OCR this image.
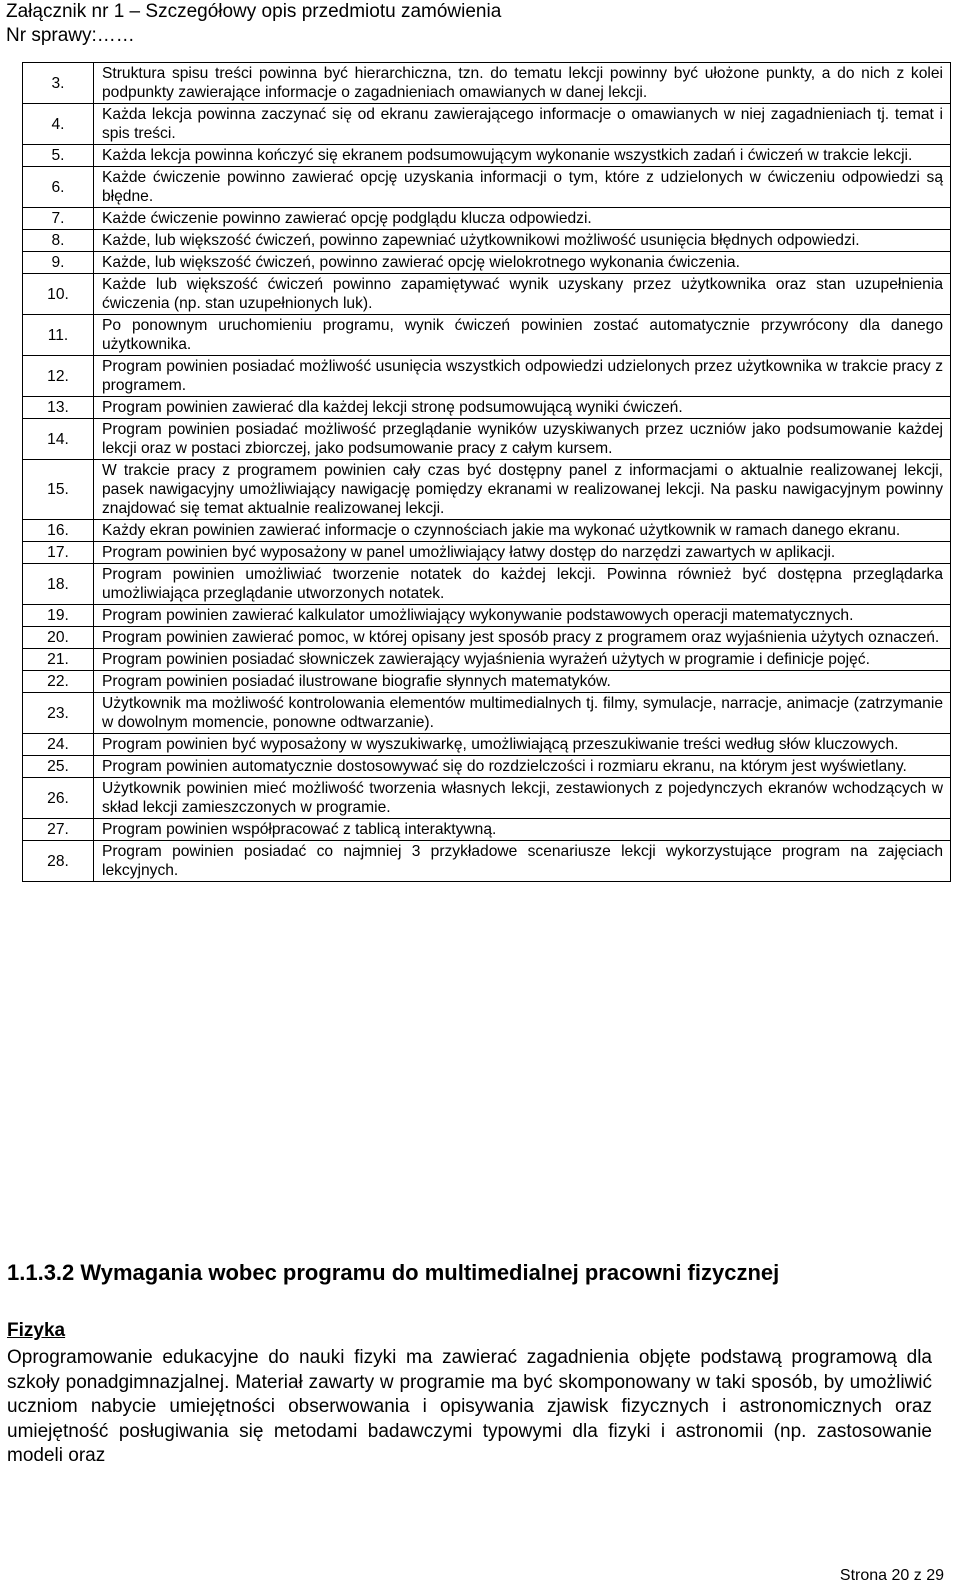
Załącznik nr 1 – Szczegółowy opis przedmiotu zamówienia
Nr sprawy:……
3.	Struktura spisu treści powinna być hierarchiczna, tzn. do tematu lekcji powinny być ułożone punkty, a do nich z kolei podpunkty zawierające informacje o zagadnieniach omawianych w danej lekcji.
4.	Każda lekcja powinna zaczynać się od ekranu zawierającego informacje o omawianych w niej zagadnieniach tj. temat i spis treści.
5.	Każda lekcja powinna kończyć się ekranem podsumowującym wykonanie wszystkich zadań i ćwiczeń w trakcie lekcji.
6.	Każde ćwiczenie powinno zawierać opcję uzyskania informacji o tym, które z udzielonych w ćwiczeniu odpowiedzi są błędne.
7.	Każde ćwiczenie powinno zawierać opcję podglądu klucza odpowiedzi.
8.	Każde, lub większość ćwiczeń, powinno zapewniać użytkownikowi możliwość usunięcia błędnych odpowiedzi.
9.	Każde, lub większość ćwiczeń, powinno zawierać opcję wielokrotnego wykonania ćwiczenia.
10.	Każde lub większość ćwiczeń powinno zapamiętywać wynik uzyskany przez użytkownika oraz stan uzupełnienia ćwiczenia (np. stan uzupełnionych luk).
11.	Po ponownym uruchomieniu programu, wynik ćwiczeń powinien zostać automatycznie przywrócony dla danego użytkownika.
12.	Program powinien posiadać możliwość usunięcia wszystkich odpowiedzi udzielonych przez użytkownika w trakcie pracy z programem.
13.	Program powinien zawierać dla każdej lekcji stronę podsumowującą wyniki ćwiczeń.
14.	Program powinien posiadać możliwość przeglądanie wyników uzyskiwanych przez uczniów jako podsumowanie każdej lekcji oraz w postaci zbiorczej, jako podsumowanie pracy z całym kursem.
15.	W trakcie pracy z programem powinien cały czas być dostępny panel z informacjami o aktualnie realizowanej lekcji, pasek nawigacyjny umożliwiający nawigację pomiędzy ekranami w realizowanej lekcji. Na pasku nawigacyjnym powinny znajdować się temat aktualnie realizowanej lekcji.
16.	Każdy ekran powinien zawierać informacje o czynnościach jakie ma wykonać użytkownik w ramach danego ekranu.
17.	Program powinien być wyposażony w panel umożliwiający łatwy dostęp do narzędzi zawartych w aplikacji.
18.	Program powinien umożliwiać tworzenie notatek do każdej lekcji. Powinna również być dostępna przeglądarka umożliwiająca przeglądanie utworzonych notatek.
19.	Program powinien zawierać kalkulator umożliwiający wykonywanie podstawowych operacji matematycznych.
20.	Program powinien zawierać pomoc, w której opisany jest sposób pracy z programem oraz wyjaśnienia użytych oznaczeń.
21.	Program powinien posiadać słowniczek zawierający wyjaśnienia wyrażeń użytych w programie i definicje pojęć.
22.	Program powinien posiadać ilustrowane biografie słynnych matematyków.
23.	Użytkownik ma możliwość kontrolowania elementów multimedialnych tj. filmy, symulacje, narracje, animacje (zatrzymanie w dowolnym momencie, ponowne odtwarzanie).
24.	Program powinien być wyposażony w wyszukiwarkę, umożliwiającą przeszukiwanie treści według słów kluczowych.
25.	Program powinien automatycznie dostosowywać się do rozdzielczości i rozmiaru ekranu, na którym jest wyświetlany.
26.	Użytkownik powinien mieć możliwość tworzenia własnych lekcji, zestawionych z pojedynczych ekranów wchodzących w skład lekcji zamieszczonych w programie.
27.	Program powinien współpracować z tablicą interaktywną.
28.	Program powinien posiadać co najmniej 3 przykładowe scenariusze lekcji wykorzystujące program na zajęciach lekcyjnych.
1.1.3.2 Wymagania wobec programu do multimedialnej pracowni fizycznej
Fizyka
Oprogramowanie edukacyjne do nauki fizyki ma zawierać zagadnienia objęte podstawą programową dla szkoły ponadgimnazjalnej. Materiał zawarty w programie ma być skomponowany w taki sposób, by umożliwić uczniom nabycie umiejętności obserwowania i opisywania zjawisk fizycznych i astronomicznych oraz umiejętność posługiwania się metodami badawczymi typowymi dla fizyki i astronomii (np. zastosowanie modeli oraz
Strona 20 z 29
